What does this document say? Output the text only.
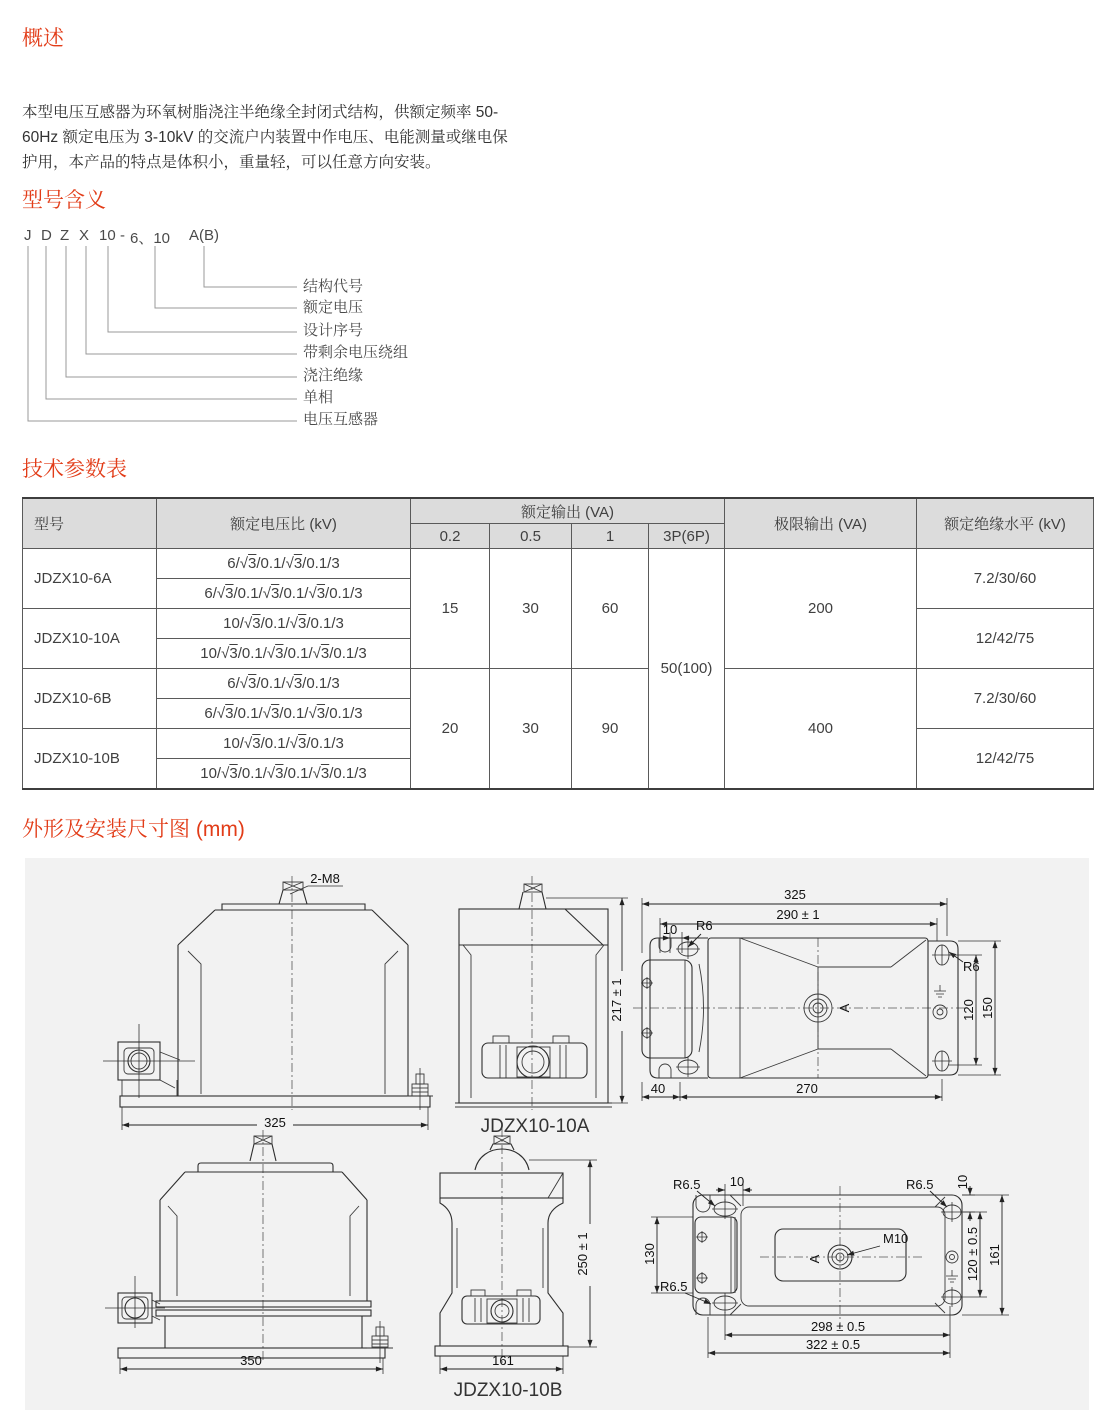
概述

本型电压互感器为环氧树脂浇注半绝缘全封闭式结构，供额定频率 50-
60Hz 额定电压为 3-10kV 的交流户内装置中作电压、电能测量或继电保
护用，本产品的特点是体积小，重量轻，可以任意方向安装。

型号含义
J D Z X 10 - 6、10 A(B)
结构代号
额定电压
设计序号
带剩余电压绕组
浇注绝缘
单相
电压互感器
技术参数表
型号	额定电压比 (kV)	额定输出 (VA)				极限输出 (VA)	额定绝缘水平 (kV)
		0.2	0.5	1	3P(6P)		
JDZX10-6A	6/√3/0.1/√3/0.1/3	15	30	60	50(100)	200	7.2/30/60
	6/√3/0.1/√3/0.1/√3/0.1/3						
JDZX10-10A	10/√3/0.1/√3/0.1/3						12/42/75
	10/√3/0.1/√3/0.1/√3/0.1/3						
JDZX10-6B	6/√3/0.1/√3/0.1/3	20	30	90		400	7.2/30/60
	6/√3/0.1/√3/0.1/√3/0.1/3						
JDZX10-10B	10/√3/0.1/√3/0.1/3						12/42/75
	10/√3/0.1/√3/0.1/√3/0.1/3						
外形及安装尺寸图 (mm)
325
2-M8
217 ± 1
JDZX10-10A
A
325
290 ± 1
10 R6
R6
120 150
40	270
350
250 ± 1
161
JDZX10-10B
A
R6.5 10	R6.5 10
130
R6.5
M10	120 ± 0.5 161
298 ± 0.5
322 ± 0.5
